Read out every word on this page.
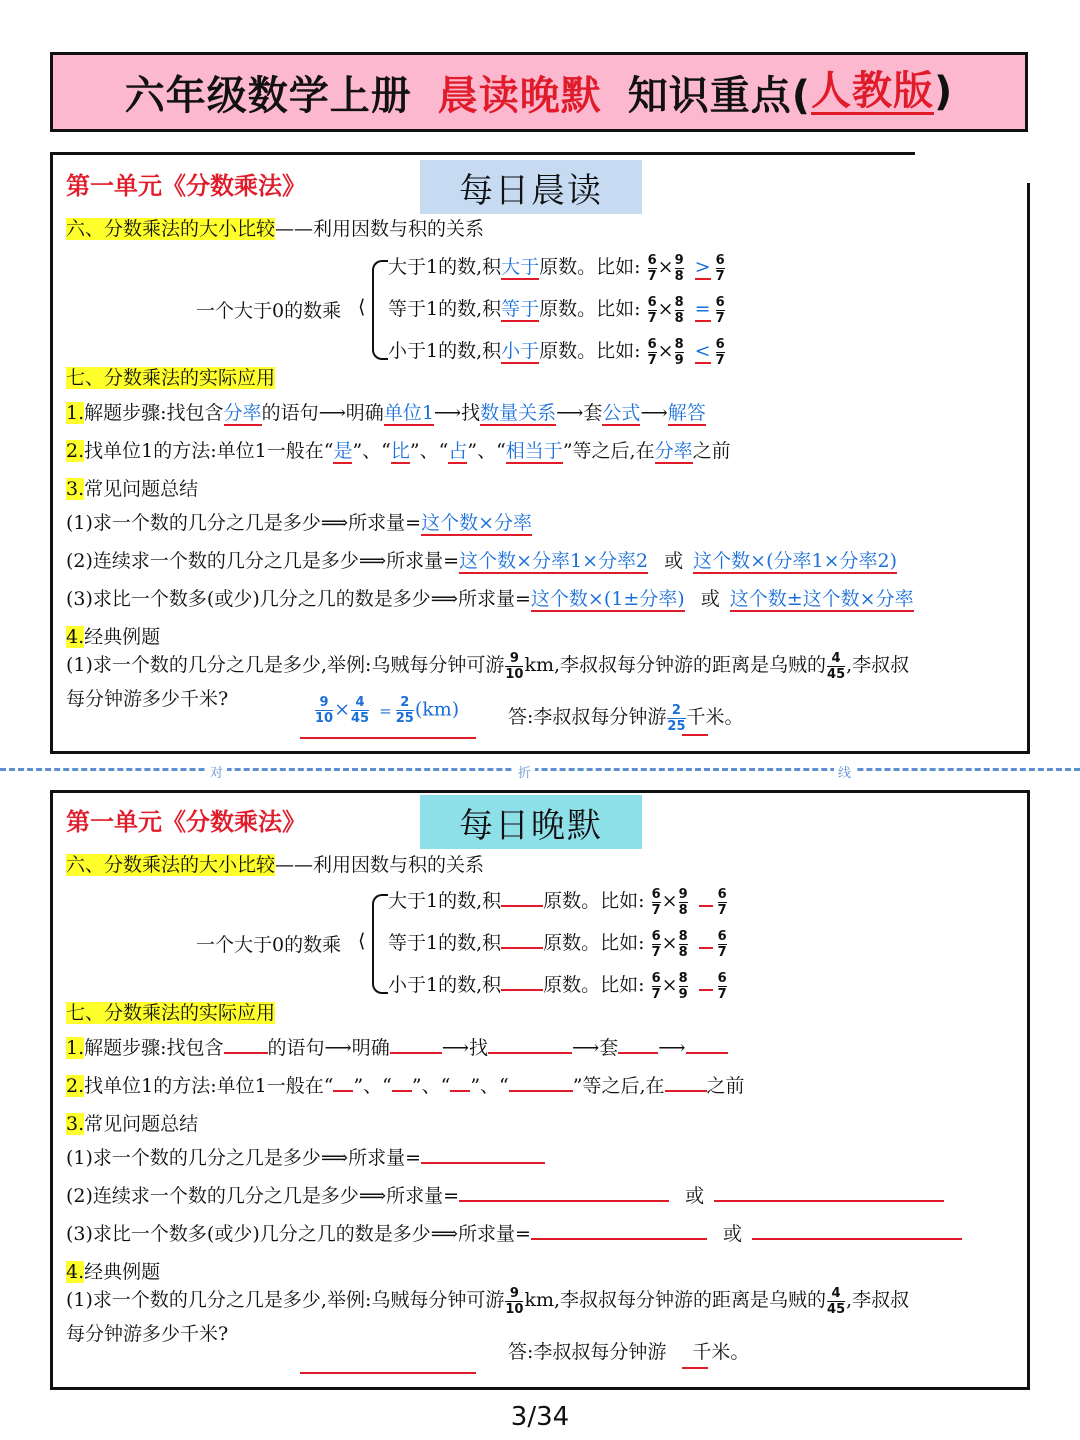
六年级数学上册 晨读晚默 知识重点( 人教版 )
每日晨读
第一单元《分数乘法》
六、分数乘法的大小比较——利用因数与积的关系
一个大于0的数乘 ⟨
大于1的数,积大于原数。比如: $\frac{6}{7} \times \frac{9}{8} > \frac{6}{7}$
等于1的数,积等于原数。比如: $\frac{6}{7} \times \frac{8}{8} = \frac{6}{7}$
小于1的数,积小于原数。比如: $\frac{6}{7} \times \frac{8}{9} < \frac{6}{7}$
七、分数乘法的实际应用
1.解题步骤:找包含分率的语句⟶明确单位1⟶找数量关系⟶套公式⟶解答
2.找单位1的方法:单位1一般在“是”、“比”、“占”、“相当于”等之后,在分率之前
3.常见问题总结
(1)求一个数的几分之几是多少⟹所求量=这个数×分率
(2)连续求一个数的几分之几是多少⟹所求量=这个数×分率1×分率2 或 这个数×(分率1×分率2)
(3)求比一个数多(或少)几分之几的数是多少⟹所求量=这个数×(1±分率) 或 这个数±这个数×分率
4.经典例题
(1)求一个数的几分之几是多少,举例:乌贼每分钟可游 $\frac{9}{10}$ km,李叔叔每分钟游的距离是乌贼的 $\frac{4}{45}$ ,李叔叔
每分钟游多少千米?	$\frac{9}{10} \times \frac{4}{45} = \frac{2}{25} (km)$	答:李叔叔每分钟游 $\frac{2}{25}$ 千米。
对	折	线
每日晚默
第一单元《分数乘法》
六、分数乘法的大小比较——利用因数与积的关系
一个大于0的数乘 ⟨
大于1的数,积 原数。比如: $\frac{6}{7} \times \frac{9}{8}$
$\frac{6}{7}$
等于1的数,积 原数。比如: $\frac{6}{7} \times \frac{8}{8}$
$\frac{6}{7}$
小于1的数,积 原数。比如: $\frac{6}{7} \times \frac{8}{9}$
$\frac{6}{7}$
七、分数乘法的实际应用
1.解题步骤:找包含 的语句⟶明确	⟶找	⟶套 ⟶
2.找单位1的方法:单位1一般在“ ”、“ ”、“ ”、“	”等之后,在 之前
3.常见问题总结
(1)求一个数的几分之几是多少⟹所求量=
(2)连续求一个数的几分之几是多少⟹所求量=	或
(3)求比一个数多(或少)几分之几的数是多少⟹所求量=	或
4.经典例题
(1)求一个数的几分之几是多少,举例:乌贼每分钟可游 $\frac{9}{10}$ km,李叔叔每分钟游的距离是乌贼的 $\frac{4}{45}$ ,李叔叔
每分钟游多少千米?
答:李叔叔每分钟游 千米。
3/34
